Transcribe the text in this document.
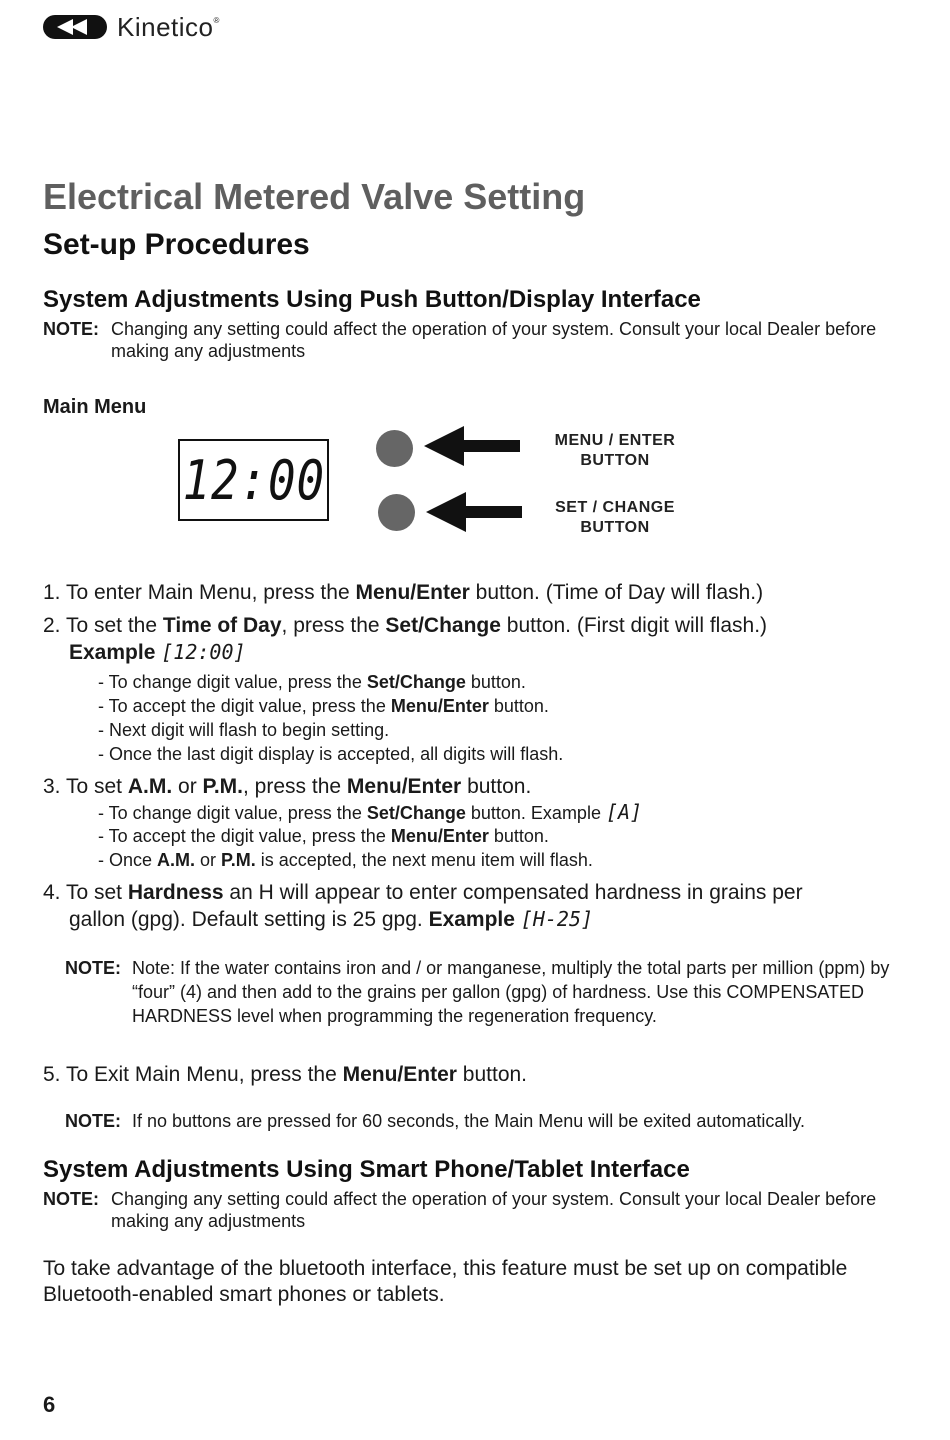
Kinetico®
Electrical Metered Valve Setting
Set-up Procedures
System Adjustments Using Push Button/Display Interface
NOTE: Changing any setting could affect the operation of your system. Consult your local Dealer before making any adjustments
Main Menu
12:00
MENU / ENTER
BUTTON
SET / CHANGE
BUTTON
1. To enter Main Menu, press the Menu/Enter button. (Time of Day will flash.)
2. To set the Time of Day, press the Set/Change button. (First digit will flash.)
Example [12:00]
- To change digit value, press the Set/Change button.
- To accept the digit value, press the Menu/Enter button.
- Next digit will flash to begin setting.
- Once the last digit display is accepted, all digits will flash.
3. To set A.M. or P.M., press the Menu/Enter button.
- To change digit value, press the Set/Change button. Example [A]
- To accept the digit value, press the Menu/Enter button.
- Once A.M. or P.M. is accepted, the next menu item will flash.
4. To set Hardness an H will appear to enter compensated hardness in grains per
gallon (gpg). Default setting is 25 gpg. Example [H-25]
NOTE: Note: If the water contains iron and / or manganese, multiply the total parts per million (ppm) by “four” (4) and then add to the grains per gallon (gpg) of hardness. Use this COMPENSATED HARDNESS level when programming the regeneration frequency.
5. To Exit Main Menu, press the Menu/Enter button.
NOTE: If no buttons are pressed for 60 seconds, the Main Menu will be exited automatically.
System Adjustments Using Smart Phone/Tablet Interface
NOTE: Changing any setting could affect the operation of your system. Consult your local Dealer before making any adjustments

To take advantage of the bluetooth interface, this feature must be set up on compatible Bluetooth-enabled smart phones or tablets.

6
